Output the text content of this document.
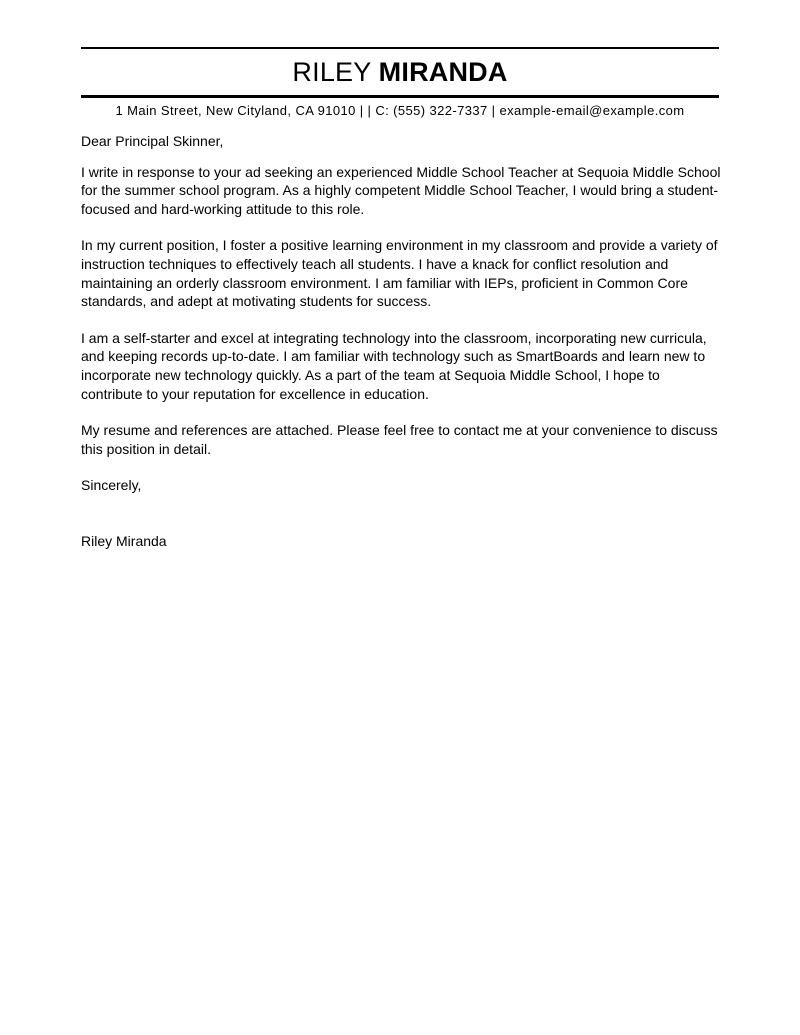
RILEY MIRANDA
1 Main Street, New Cityland, CA 91010 | | C: (555) 322-7337 | example-email@example.com

Dear Principal Skinner,

I write in response to your ad seeking an experienced Middle School Teacher at Sequoia Middle School for the summer school program. As a highly competent Middle School Teacher, I would bring a student-focused and hard-working attitude to this role.

In my current position, I foster a positive learning environment in my classroom and provide a variety of instruction techniques to effectively teach all students. I have a knack for conflict resolution and maintaining an orderly classroom environment. I am familiar with IEPs, proficient in Common Core standards, and adept at motivating students for success.

I am a self-starter and excel at integrating technology into the classroom, incorporating new curricula, and keeping records up-to-date. I am familiar with technology such as SmartBoards and learn new to incorporate new technology quickly. As a part of the team at Sequoia Middle School, I hope to contribute to your reputation for excellence in education.

My resume and references are attached. Please feel free to contact me at your convenience to discuss this position in detail.

Sincerely,

Riley Miranda
